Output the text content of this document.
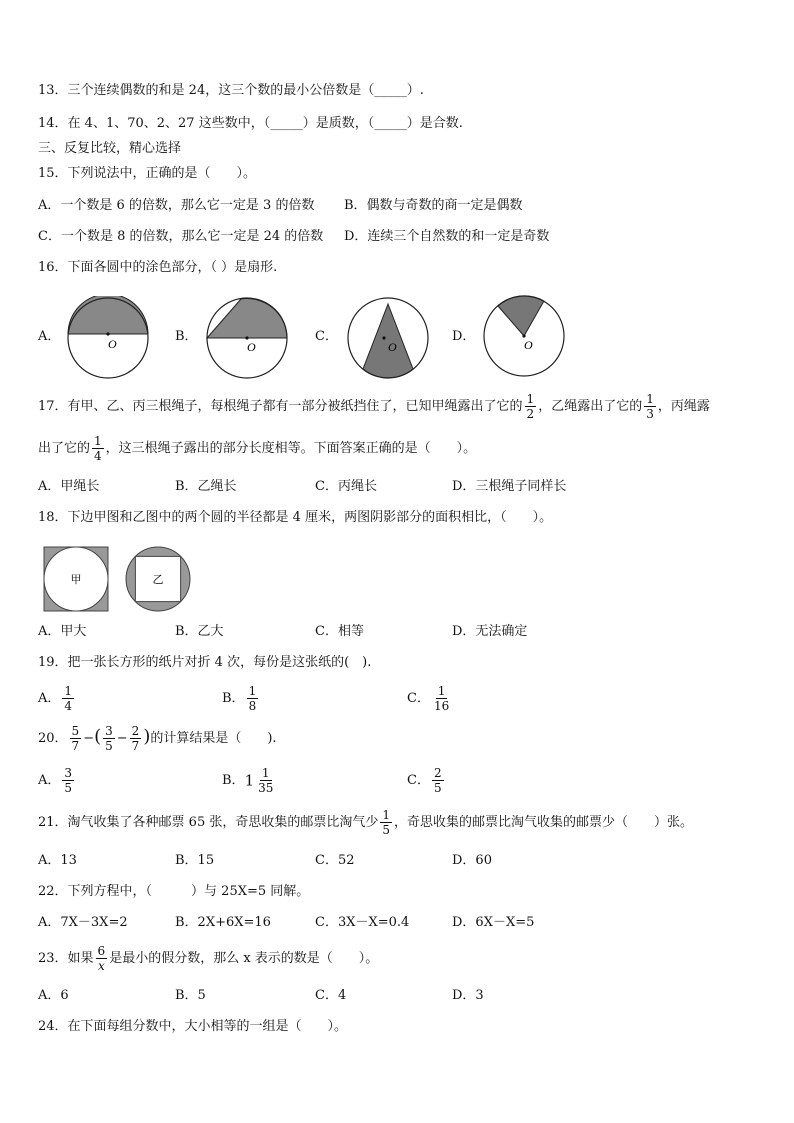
13．三个连续偶数的和是 24，这三个数的最小公倍数是（_____）.
14．在 4、1、70、2、27 这些数中，（_____）是质数，（_____）是合数.
三、反复比较，精心选择
15．下列说法中，正确的是（　　）。
A．一个数是 6 的倍数，那么它一定是 3 的倍数 B．偶数与奇数的商一定是偶数
C．一个数是 8 的倍数，那么它一定是 24 的倍数 D．连续三个自然数的和一定是奇数
16．下面各圆中的涂色部分，（ ）是扇形.
A．	B．	C．	D．
O	O	O	O
17．有甲、乙、丙三根绳子，每根绳子都有一部分被纸挡住了，已知甲绳露出了它的 $\frac{1}{2}$ ，乙绳露出了它的 $\frac{1}{3}$ ，丙绳露
出了它的 $\frac{1}{4}$ ，这三根绳子露出的部分长度相等。下面答案正确的是（　　）。
A．甲绳长	B．乙绳长	C．丙绳长	D．三根绳子同样长
18．下边甲图和乙图中的两个圆的半径都是 4 厘米，两图阴影部分的面积相比，（　　）。
甲	乙
A．甲大	B．乙大	C．相等	D．无法确定
19．把一张长方形的纸片对折 4 次，每份是这张纸的(　).
A． $\frac{1}{4}$	B． $\frac{1}{8}$	C． $\frac{1}{16}$
20． $\frac{5}{7}$ −( $\frac{3}{5} - \frac{2}{7}$ )的计算结果是（　　).
A． $\frac{3}{5}$	B．$1 \frac{1}{35}$	C． $\frac{2}{5}$
21．淘气收集了各种邮票 65 张，奇思收集的邮票比淘气少 $\frac{1}{5}$ ，奇思收集的邮票比淘气收集的邮票少（　　）张。
A．13	B．15	C．52	D．60
22．下列方程中，（　　　）与 25X=5 同解。
A．7X－3X=2	B．2X+6X=16	C．3X－X=0.4	D．6X－X=5
23．如果 $\frac{6}{x}$ 是最小的假分数，那么 x 表示的数是（　　）。
A．6	B．5	C．4	D．3
24．在下面每组分数中，大小相等的一组是（　　）。
